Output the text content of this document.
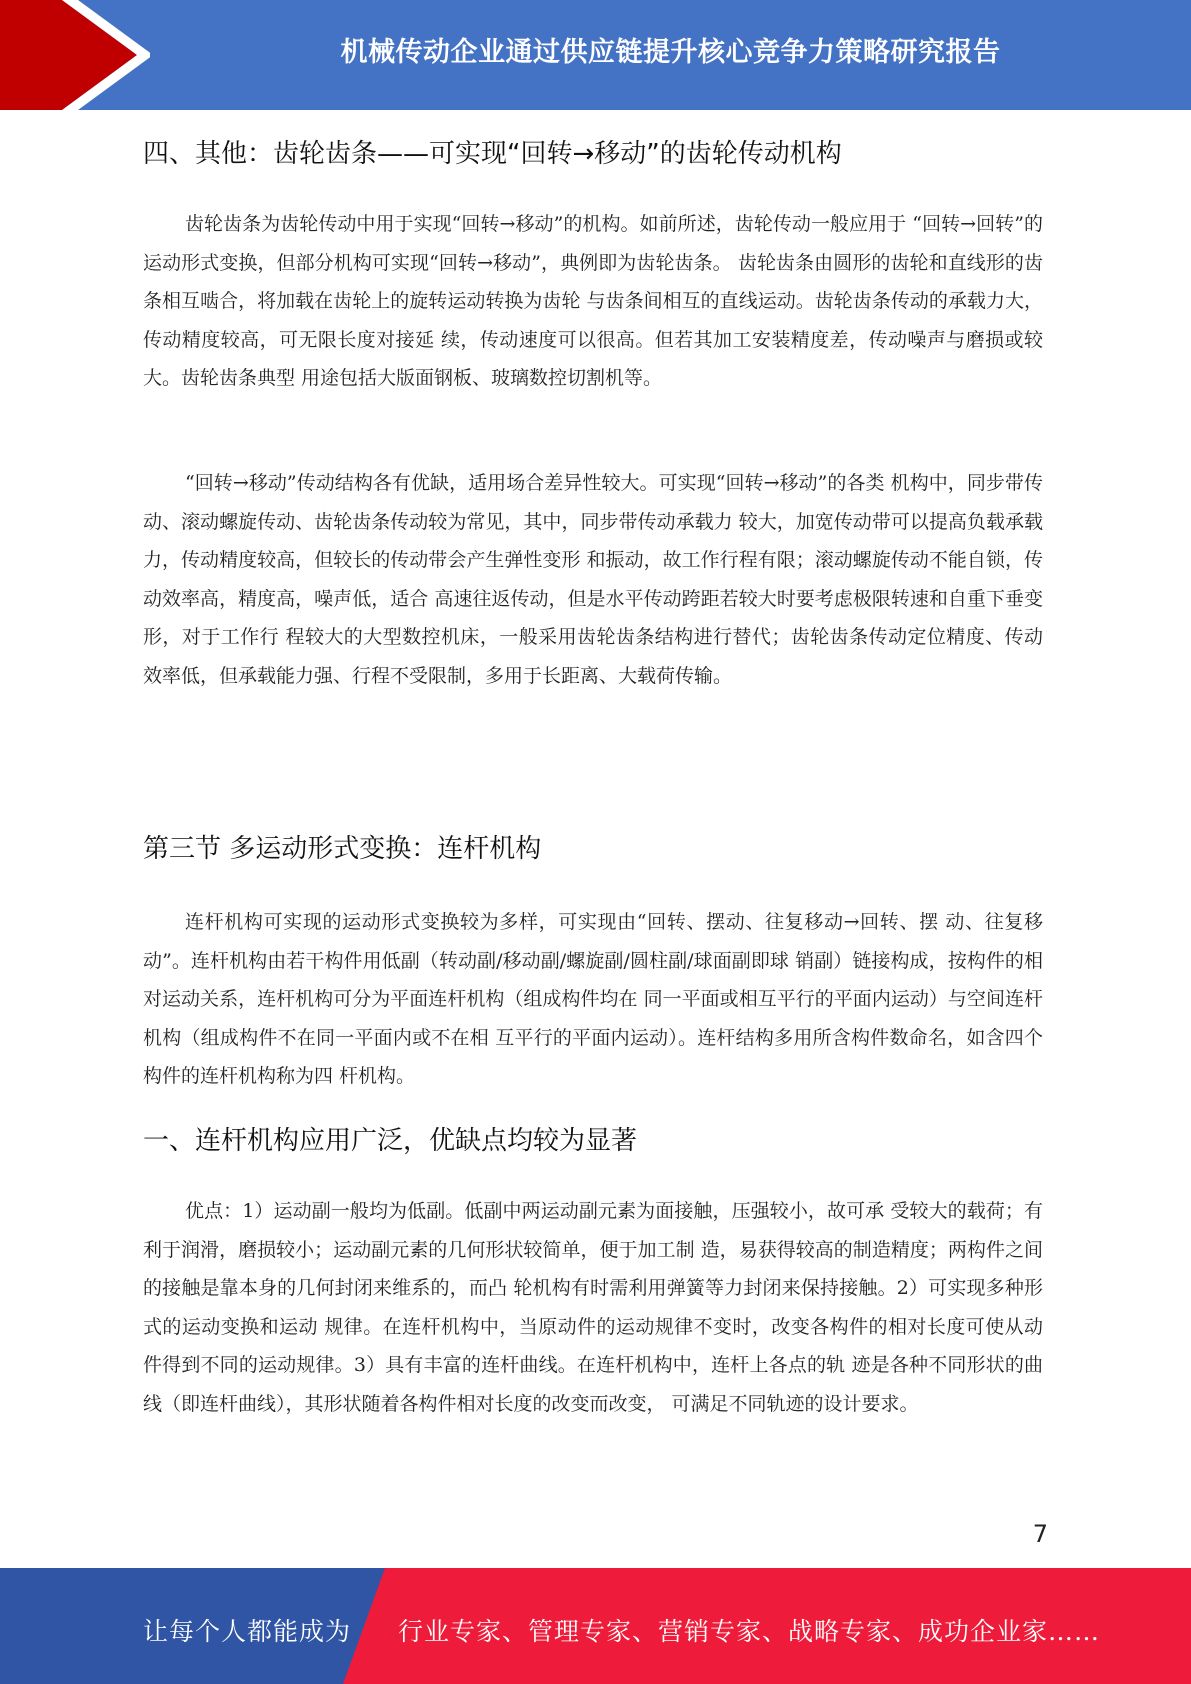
机械传动企业通过供应链提升核心竞争力策略研究报告
四、其他：齿轮齿条——可实现“回转→移动”的齿轮传动机构

齿轮齿条为齿轮传动中用于实现“回转→移动”的机构。如前所述，齿轮传动一般应用于 “回转→回转”的运动形式变换，但部分机构可实现“回转→移动”，典例即为齿轮齿条。 齿轮齿条由圆形的齿轮和直线形的齿条相互啮合，将加载在齿轮上的旋转运动转换为齿轮 与齿条间相互的直线运动。齿轮齿条传动的承载力大，传动精度较高，可无限长度对接延 续，传动速度可以很高。但若其加工安装精度差，传动噪声与磨损或较大。齿轮齿条典型 用途包括大版面钢板、玻璃数控切割机等。

“回转→移动”传动结构各有优缺，适用场合差异性较大。可实现“回转→移动”的各类 机构中，同步带传动、滚动螺旋传动、齿轮齿条传动较为常见，其中，同步带传动承载力 较大，加宽传动带可以提高负载承载力，传动精度较高，但较长的传动带会产生弹性变形 和振动，故工作行程有限；滚动螺旋传动不能自锁，传动效率高，精度高，噪声低，适合 高速往返传动，但是水平传动跨距若较大时要考虑极限转速和自重下垂变形，对于工作行 程较大的大型数控机床，一般采用齿轮齿条结构进行替代；齿轮齿条传动定位精度、传动 效率低，但承载能力强、行程不受限制，多用于长距离、大载荷传输。

第三节 多运动形式变换：连杆机构

连杆机构可实现的运动形式变换较为多样，可实现由“回转、摆动、往复移动→回转、摆 动、往复移动”。连杆机构由若干构件用低副（转动副/移动副/螺旋副/圆柱副/球面副即球 销副）链接构成，按构件的相对运动关系，连杆机构可分为平面连杆机构（组成构件均在 同一平面或相互平行的平面内运动）与空间连杆机构（组成构件不在同一平面内或不在相 互平行的平面内运动）。连杆结构多用所含构件数命名，如含四个构件的连杆机构称为四 杆机构。

一、连杆机构应用广泛，优缺点均较为显著

优点：1）运动副一般均为低副。低副中两运动副元素为面接触，压强较小，故可承 受较大的载荷；有利于润滑，磨损较小；运动副元素的几何形状较简单，便于加工制 造，易获得较高的制造精度；两构件之间的接触是靠本身的几何封闭来维系的，而凸 轮机构有时需利用弹簧等力封闭来保持接触。2）可实现多种形式的运动变换和运动 规律。在连杆机构中，当原动件的运动规律不变时，改变各构件的相对长度可使从动 件得到不同的运动规律。3）具有丰富的连杆曲线。在连杆机构中，连杆上各点的轨 迹是各种不同形状的曲线（即连杆曲线），其形状随着各构件相对长度的改变而改变， 可满足不同轨迹的设计要求。

7
让每个人都能成为 行业专家、管理专家、营销专家、战略专家、成功企业家……
